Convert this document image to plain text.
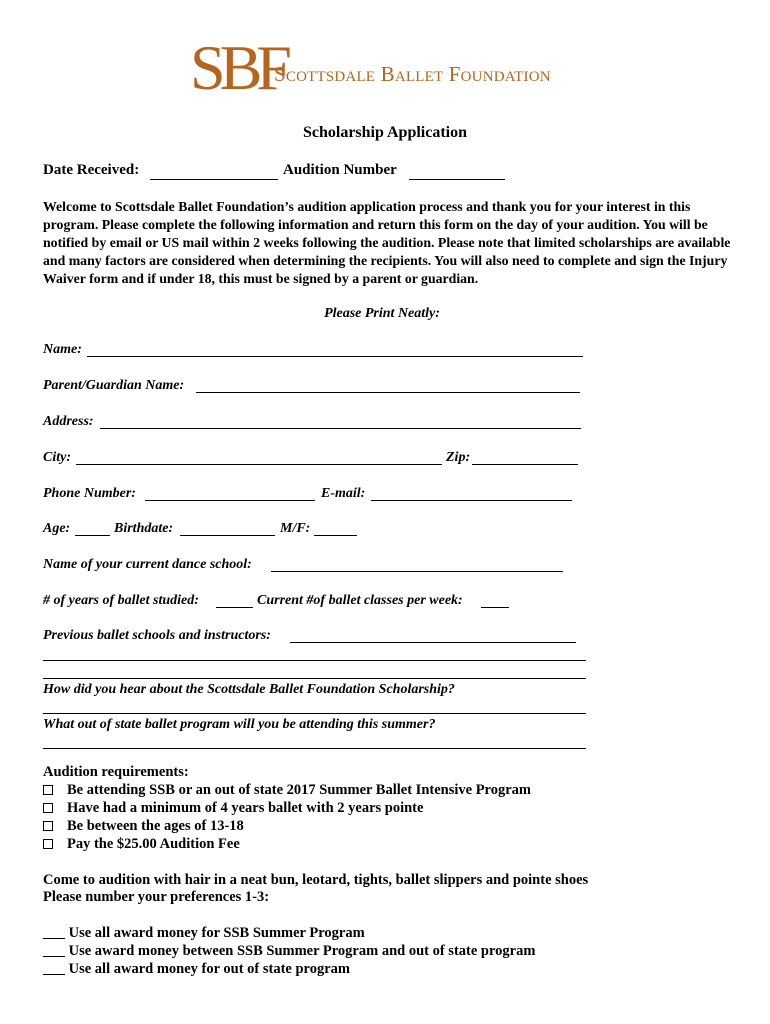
SBF
Scottsdale Ballet Foundation
Scholarship Application
Date Received:	Audition Number
Welcome to Scottsdale Ballet Foundation’s audition application process and thank you for your interest in this program. Please complete the following information and return this form on the day of your audition. You will be notified by email or US mail within 2 weeks following the audition. Please note that limited scholarships are available and many factors are considered when determining the recipients. You will also need to complete and sign the Injury Waiver form and if under 18, this must be signed by a parent or guardian.
Please Print Neatly:
Name:
Parent/Guardian Name:
Address:
City:	Zip:
Phone Number:	E-mail:
Age:	Birthdate:	M/F:
Name of your current dance school:
# of years of ballet studied:	Current #of ballet classes per week:
Previous ballet schools and instructors:
How did you hear about the Scottsdale Ballet Foundation Scholarship?
What out of state ballet program will you be attending this summer?
Audition requirements:
Be attending SSB or an out of state 2017 Summer Ballet Intensive Program
Have had a minimum of 4 years ballet with 2 years pointe
Be between the ages of 13-18
Pay the $25.00 Audition Fee
Come to audition with hair in a neat bun, leotard, tights, ballet slippers and pointe shoes
Please number your preferences 1-3:
Use all award money for SSB Summer Program
Use award money between SSB Summer Program and out of state program
Use all award money for out of state program
